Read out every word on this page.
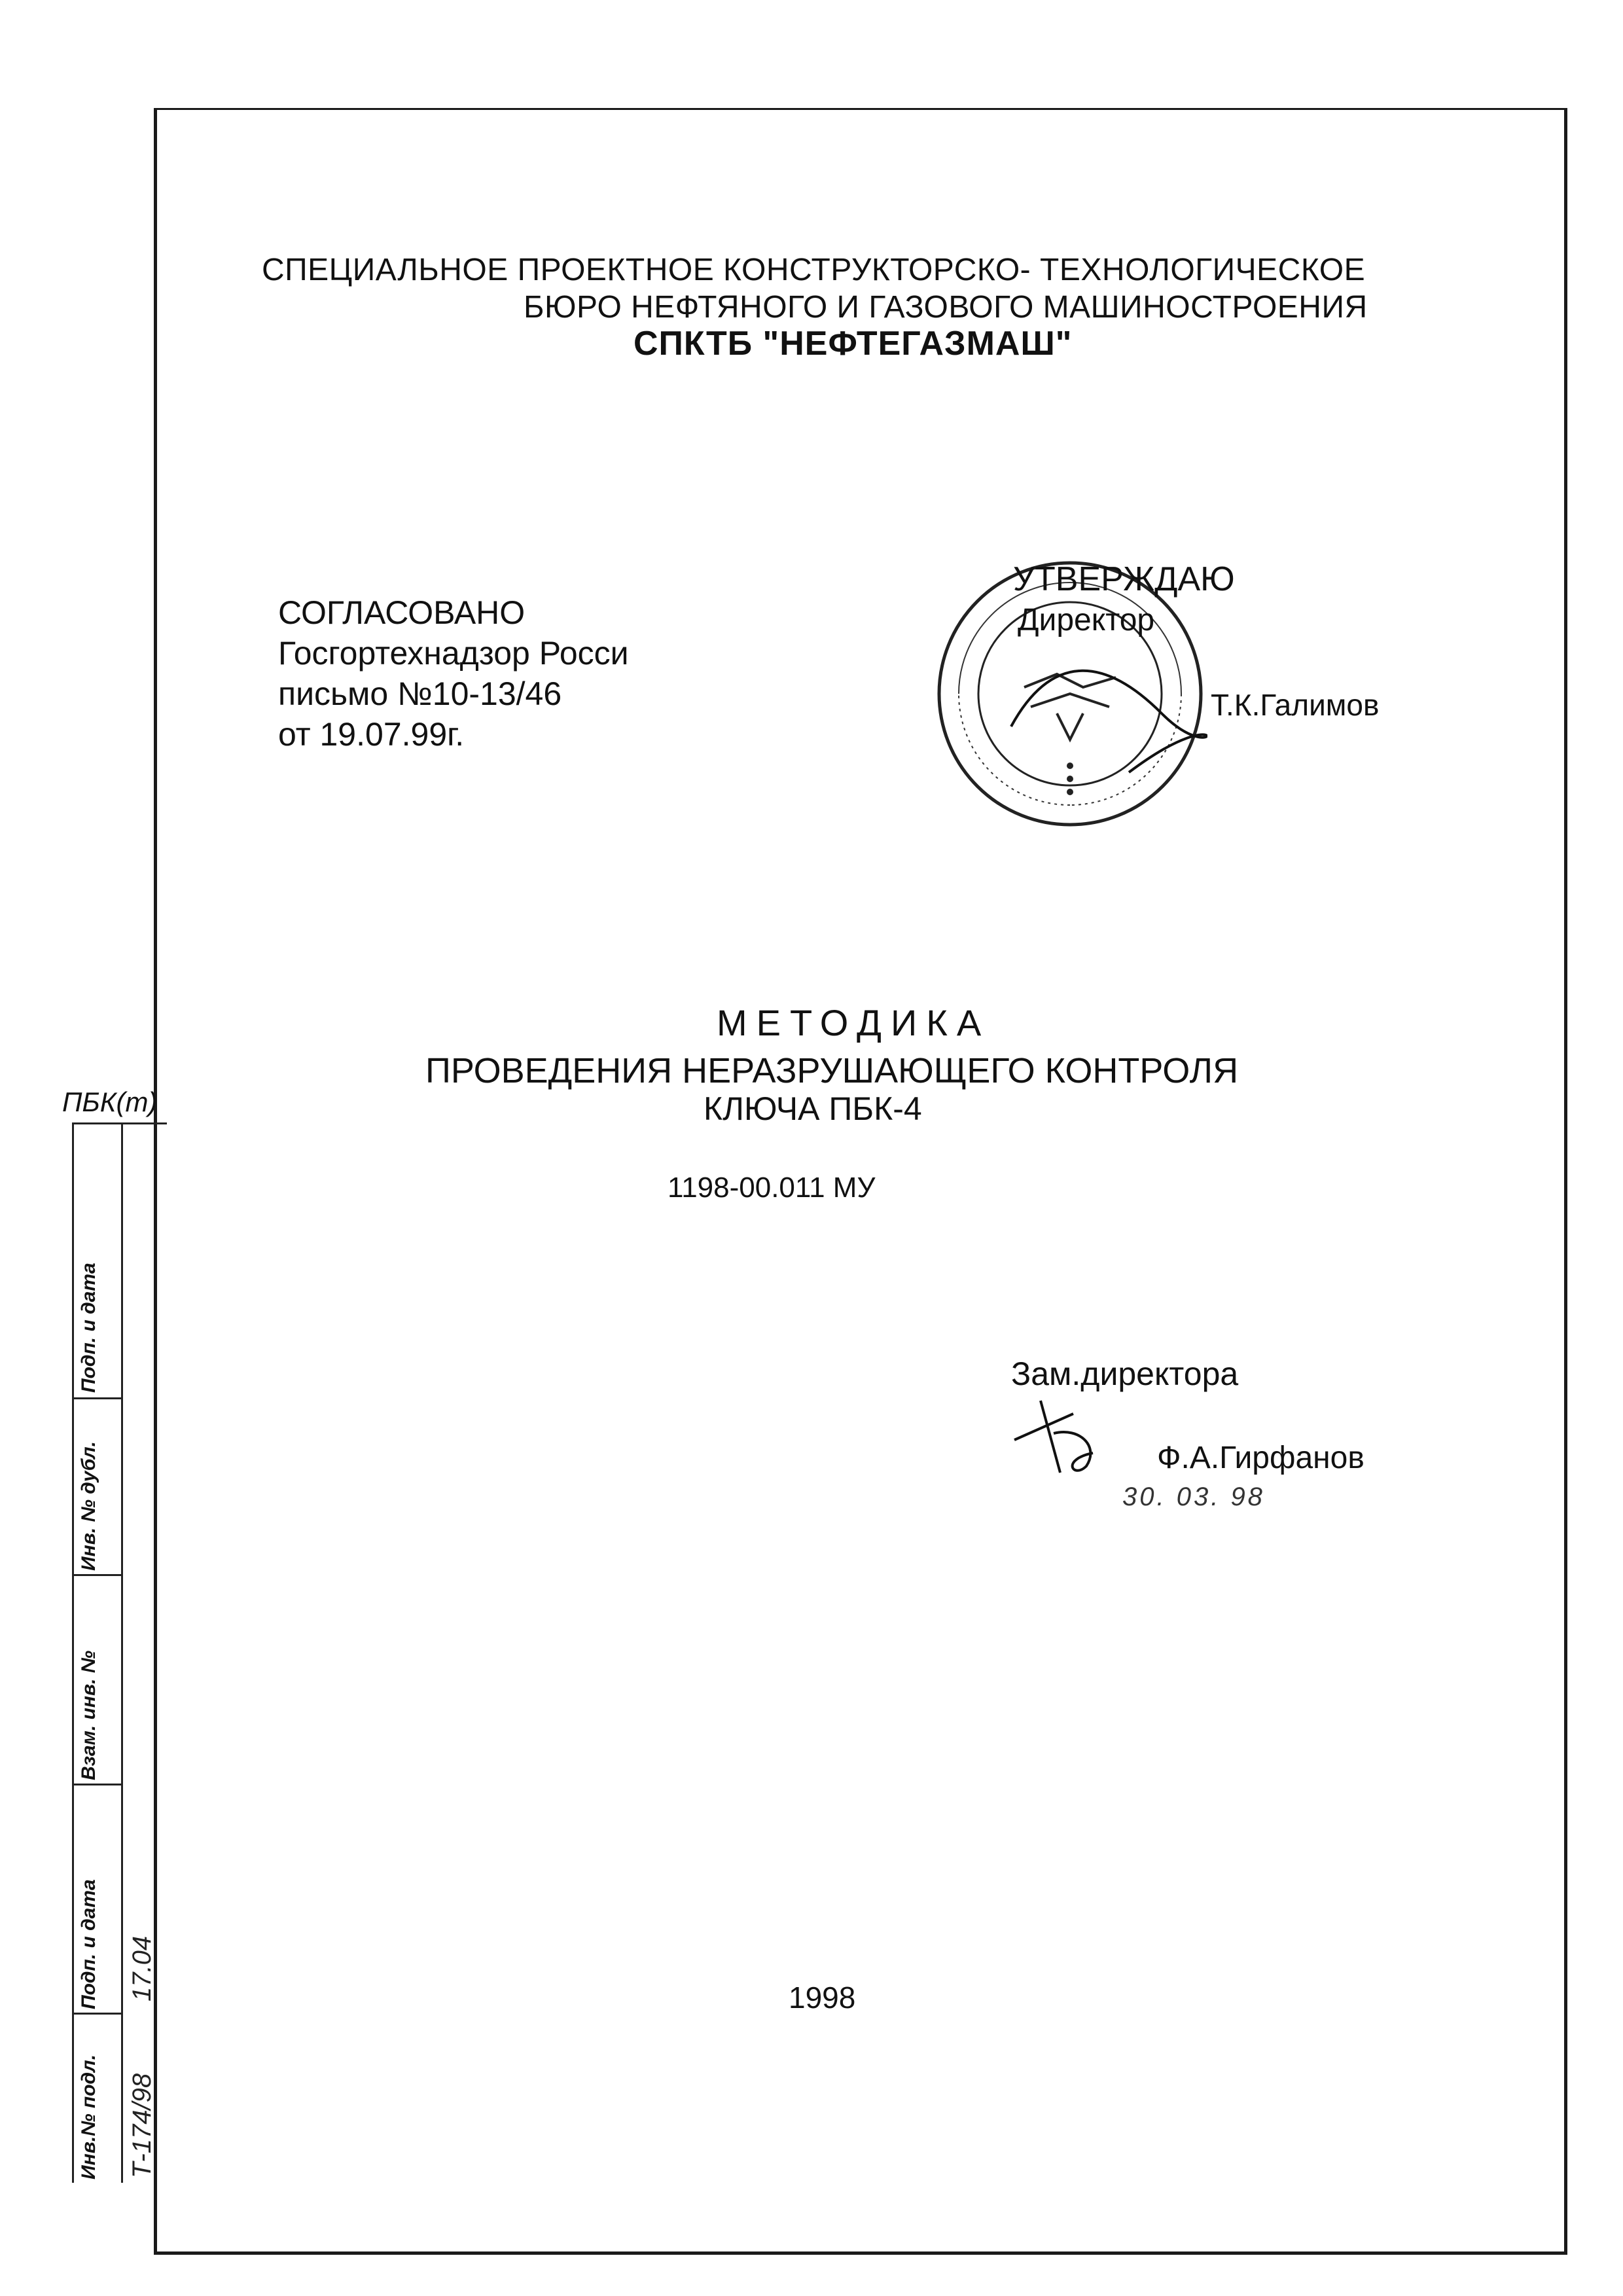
СПЕЦИАЛЬНОЕ ПРОЕКТНОЕ КОНСТРУКТОРСКО- ТЕХНОЛОГИЧЕСКОЕ
БЮРО НЕФТЯНОГО И ГАЗОВОГО МАШИНОСТРОЕНИЯ
СПКТБ "НЕФТЕГАЗМАШ"
СОГЛАСОВАНО
Госгортехнадзор Росси
письмо №10-13/46
от 19.07.99г.
УТВЕРЖДАЮ
Директор
Т.К.Галимов
МЕТОДИКА
ПРОВЕДЕНИЯ НЕРАЗРУШАЮЩЕГО КОНТРОЛЯ
КЛЮЧА ПБК-4
1198-00.011 МУ
Зам.директора
Ф.А.Гирфанов
30. 03. 98
1998
ПБК(т)
Подп. и дата
Инв. № дубл.
Взам. инв. №
Подп. и дата 17.04
Инв.№ подл. Т-174/98
